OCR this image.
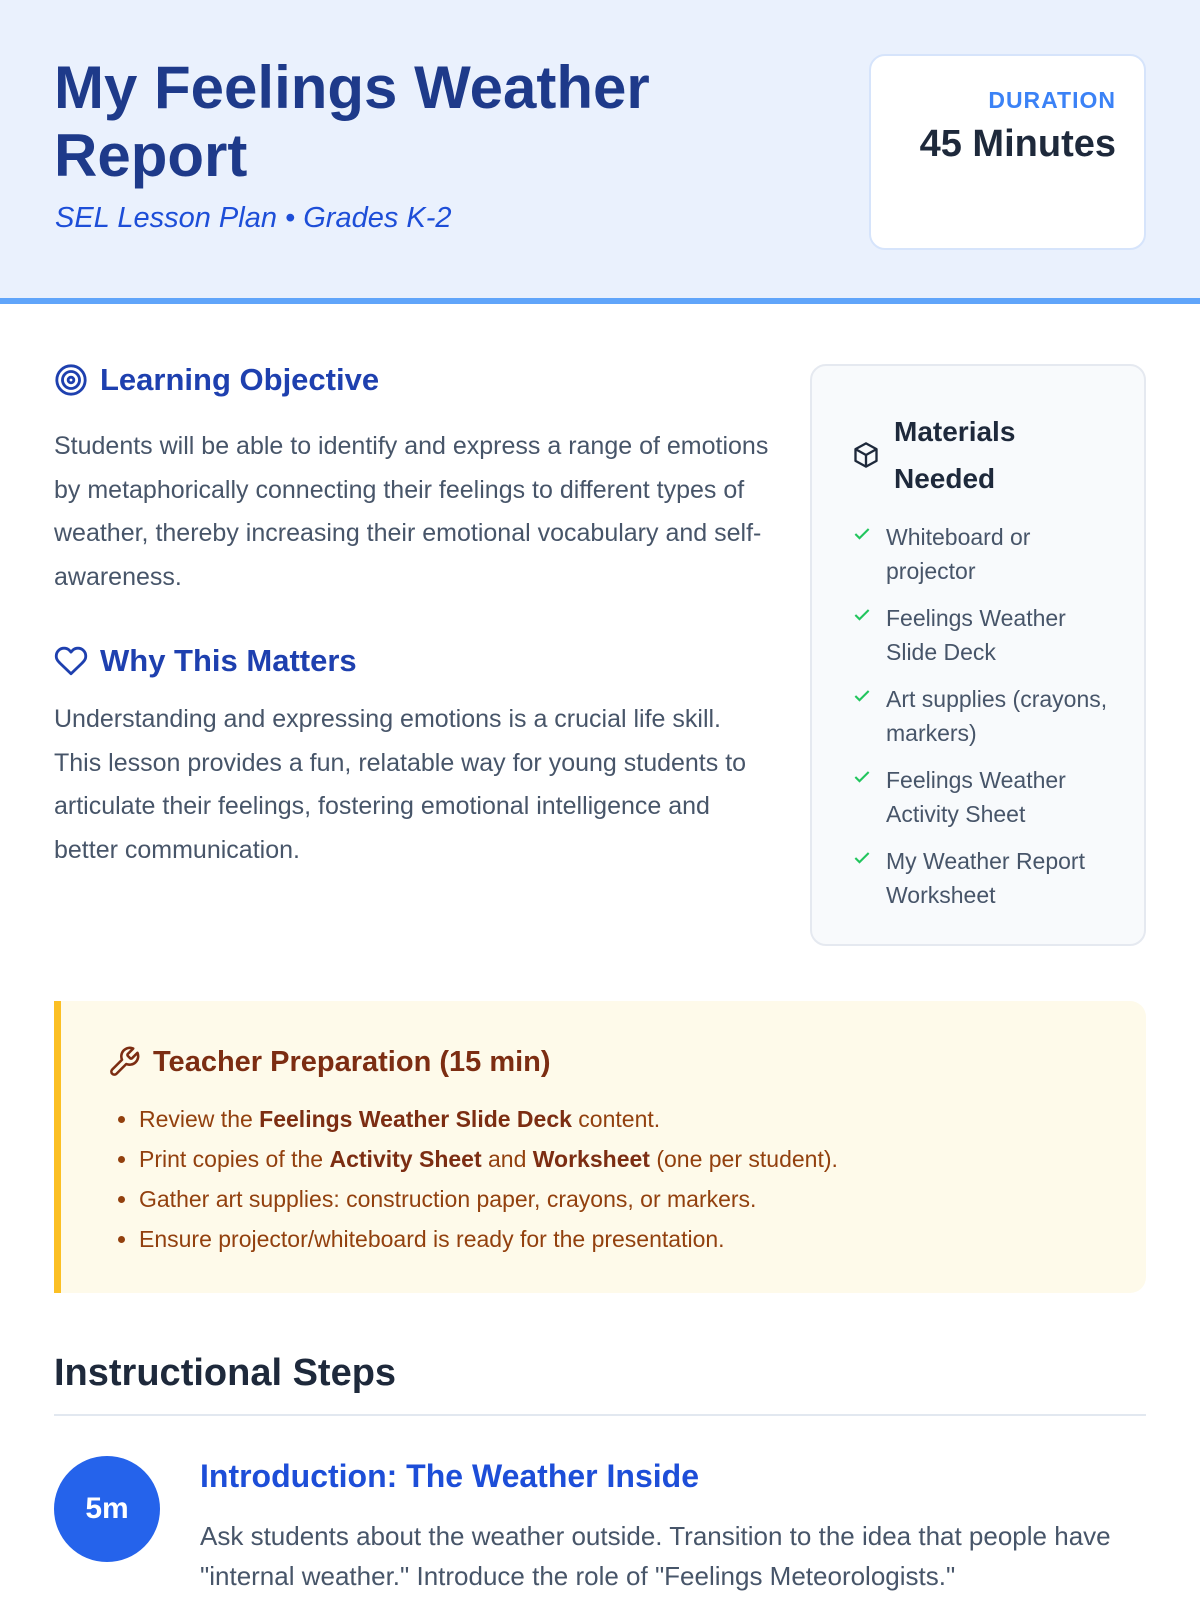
My Feelings Weather Report

SEL Lesson Plan • Grades K-2

DURATION
45 Minutes
Learning Objective

Students will be able to identify and express a range of emotions by metaphorically connecting their feelings to different types of weather, thereby increasing their emotional vocabulary and self-awareness.

Why This Matters

Understanding and expressing emotions is a crucial life skill. This lesson provides a fun, relatable way for young students to articulate their feelings, fostering emotional intelligence and better communication.

Materials Needed
Whiteboard or projector
Feelings Weather Slide Deck
Art supplies (crayons, markers)
Feelings Weather Activity Sheet
My Weather Report Worksheet
Teacher Preparation (15 min)
• Review the Feelings Weather Slide Deck content.
• Print copies of the Activity Sheet and Worksheet (one per student).
• Gather art supplies: construction paper, crayons, or markers.
• Ensure projector/whiteboard is ready for the presentation.
Instructional Steps
5m
Introduction: The Weather Inside

Ask students about the weather outside. Transition to the idea that people have "internal weather." Introduce the role of "Feelings Meteorologists."
